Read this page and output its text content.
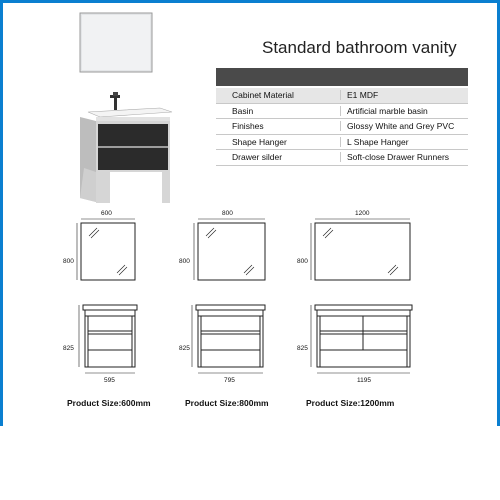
Standard bathroom vanity
Cabinet Material	E1 MDF
Basin	Artificial marble basin
Finishes	Glossy White and Grey PVC
Shape Hanger	L Shape Hanger
Drawer silder	Soft-close Drawer Runners
600	800	1200
800	800	800
825	825	825
595	795	1195
Product Size:600mm	Product Size:800mm	Product Size:1200mm
